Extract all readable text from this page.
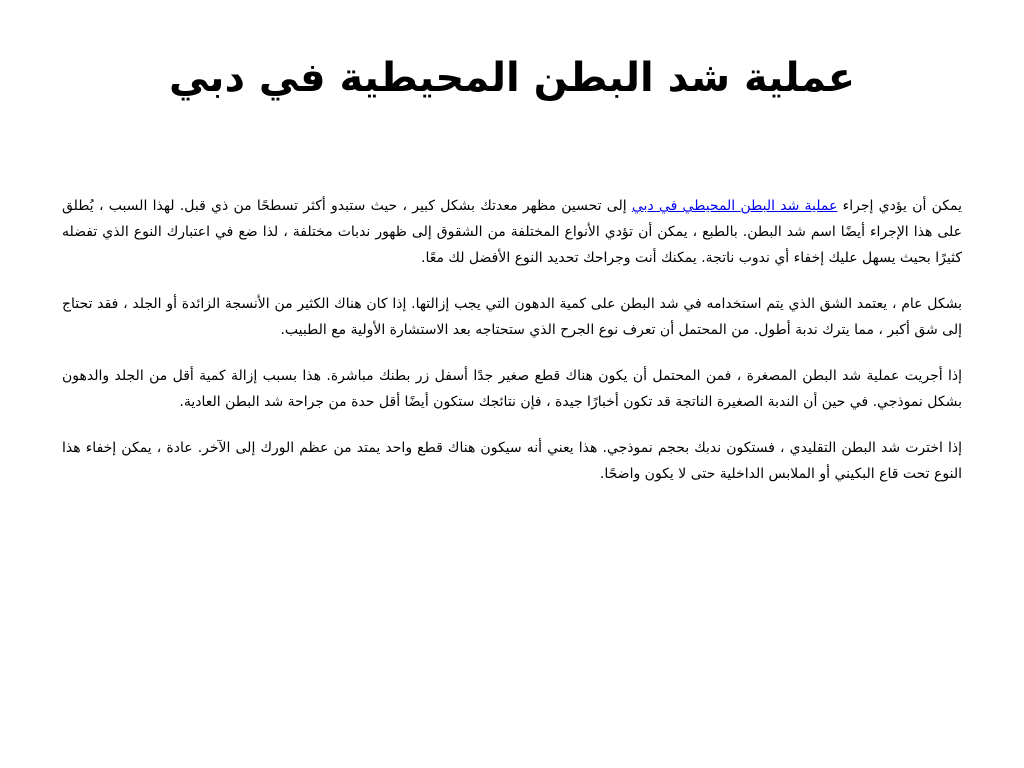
عملية شد البطن المحيطية في دبي

يمكن أن يؤدي إجراء عملية شد البطن المحيطي في دبي إلى تحسين مظهر معدتك بشكل كبير ، حيث ستبدو أكثر تسطحًا من ذي قبل. لهذا السبب ، يُطلق على هذا الإجراء أيضًا اسم شد البطن. بالطبع ، يمكن أن تؤدي الأنواع المختلفة من الشقوق إلى ظهور ندبات مختلفة ، لذا ضع في اعتبارك النوع الذي تفضله كثيرًا بحيث يسهل عليك إخفاء أي ندوب ناتجة. يمكنك أنت وجراحك تحديد النوع الأفضل لك معًا.

بشكل عام ، يعتمد الشق الذي يتم استخدامه في شد البطن على كمية الدهون التي يجب إزالتها. إذا كان هناك الكثير من الأنسجة الزائدة أو الجلد ، فقد تحتاج إلى شق أكبر ، مما يترك ندبة أطول. من المحتمل أن تعرف نوع الجرح الذي ستحتاجه بعد الاستشارة الأولية مع الطبيب.

إذا أجريت عملية شد البطن المصغرة ، فمن المحتمل أن يكون هناك قطع صغير جدًا أسفل زر بطنك مباشرة. هذا بسبب إزالة كمية أقل من الجلد والدهون بشكل نموذجي. في حين أن الندبة الصغيرة الناتجة قد تكون أخبارًا جيدة ، فإن نتائجك ستكون أيضًا أقل حدة من جراحة شد البطن العادية.

إذا اخترت شد البطن التقليدي ، فستكون ندبك بحجم نموذجي. هذا يعني أنه سيكون هناك قطع واحد يمتد من عظم الورك إلى الآخر. عادة ، يمكن إخفاء هذا النوع تحت قاع البكيني أو الملابس الداخلية حتى لا يكون واضحًا.
